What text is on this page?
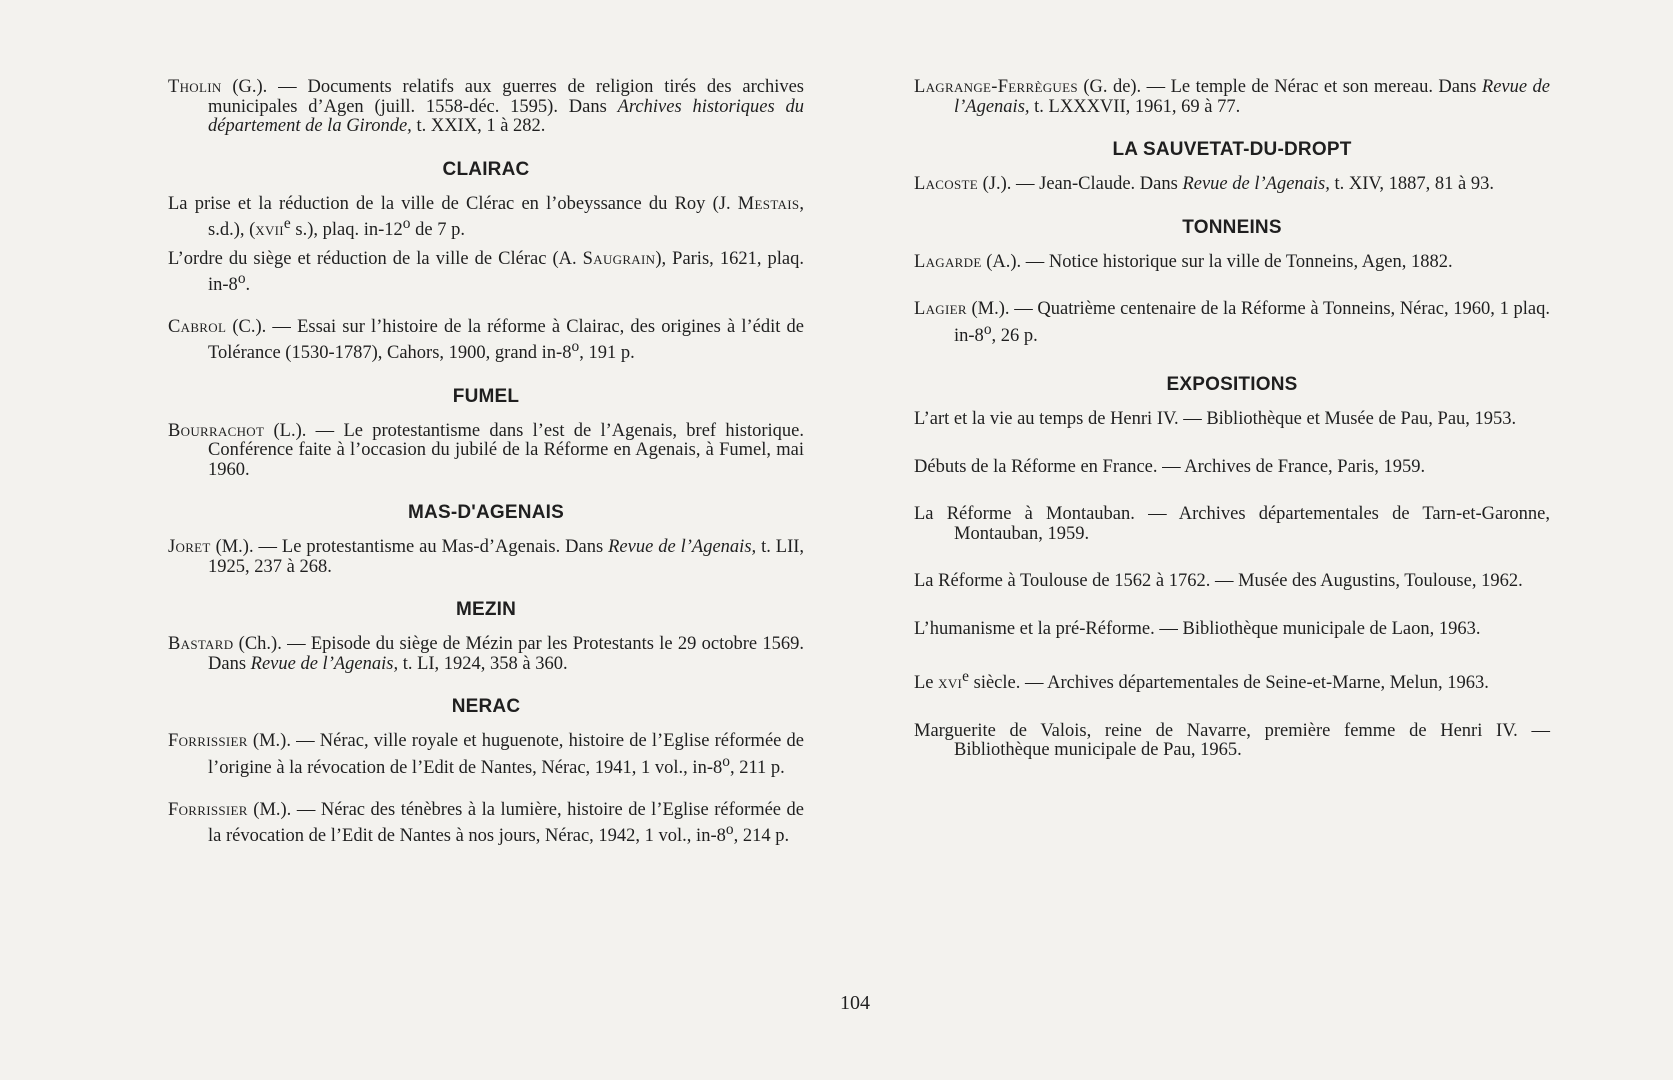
Tholin (G.). — Documents relatifs aux guerres de religion tirés des archives municipales d’Agen (juill. 1558-déc. 1595). Dans Archives historiques du département de la Gironde, t. XXIX, 1 à 282.

CLAIRAC

La prise et la réduction de la ville de Clérac en l’obeyssance du Roy (J. Mestais, s.d.), (xvii$^e$ s.), plaq. in-12$^o$ de 7 p.

L’ordre du siège et réduction de la ville de Clérac (A. Saugrain), Paris, 1621, plaq. in-8$^o$.

Cabrol (C.). — Essai sur l’histoire de la réforme à Clairac, des origines à l’édit de Tolérance (1530-1787), Cahors, 1900, grand in-8$^o$, 191 p.

FUMEL

Bourrachot (L.). — Le protestantisme dans l’est de l’Agenais, bref historique. Conférence faite à l’occasion du jubilé de la Réforme en Agenais, à Fumel, mai 1960.

MAS-D'AGENAIS

Joret (M.). — Le protestantisme au Mas-d’Agenais. Dans Revue de l’Agenais, t. LII, 1925, 237 à 268.

MEZIN

Bastard (Ch.). — Episode du siège de Mézin par les Protestants le 29 octobre 1569. Dans Revue de l’Agenais, t. LI, 1924, 358 à 360.

NERAC

Forrissier (M.). — Nérac, ville royale et huguenote, histoire de l’Eglise réformée de l’origine à la révocation de l’Edit de Nantes, Nérac, 1941, 1 vol., in-8$^o$, 211 p.

Forrissier (M.). — Nérac des ténèbres à la lumière, histoire de l’Eglise réformée de la révocation de l’Edit de Nantes à nos jours, Nérac, 1942, 1 vol., in-8$^o$, 214 p.

Lagrange-Ferrègues (G. de). — Le temple de Nérac et son mereau. Dans Revue de l’Agenais, t. LXXXVII, 1961, 69 à 77.

LA SAUVETAT-DU-DROPT

Lacoste (J.). — Jean-Claude. Dans Revue de l’Agenais, t. XIV, 1887, 81 à 93.

TONNEINS

Lagarde (A.). — Notice historique sur la ville de Tonneins, Agen, 1882.

Lagier (M.). — Quatrième centenaire de la Réforme à Tonneins, Nérac, 1960, 1 plaq. in-8$^o$, 26 p.

EXPOSITIONS

L’art et la vie au temps de Henri IV. — Bibliothèque et Musée de Pau, Pau, 1953.

Débuts de la Réforme en France. — Archives de France, Paris, 1959.

La Réforme à Montauban. — Archives départementales de Tarn-et-Garonne, Montauban, 1959.

La Réforme à Toulouse de 1562 à 1762. — Musée des Augustins, Toulouse, 1962.

L’humanisme et la pré-Réforme. — Bibliothèque municipale de Laon, 1963.

Le xvi$^e$ siècle. — Archives départementales de Seine-et-Marne, Melun, 1963.

Marguerite de Valois, reine de Navarre, première femme de Henri IV. — Bibliothèque municipale de Pau, 1965.

104
